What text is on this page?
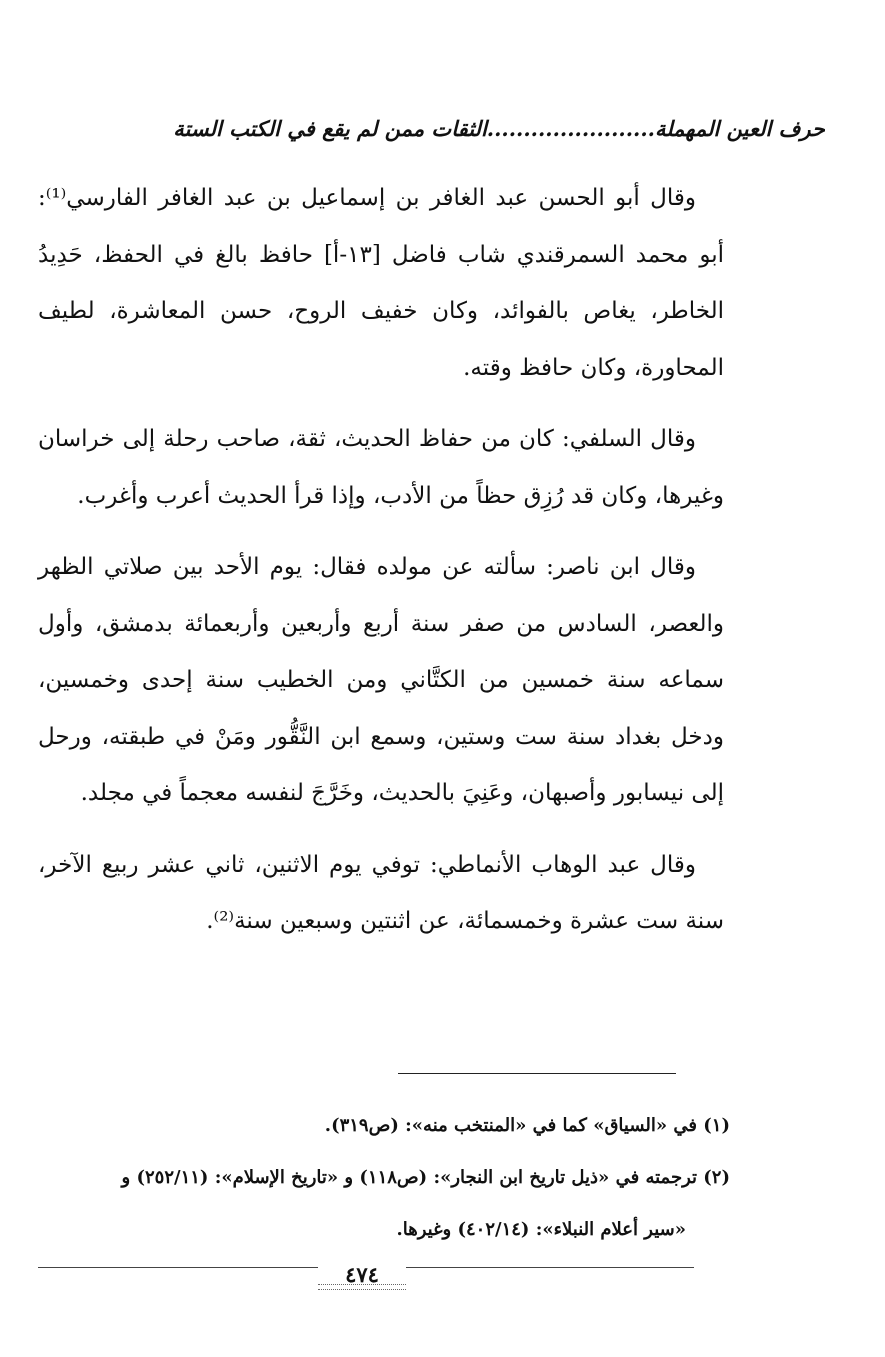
حرف العين المهملة.......................الثقات ممن لم يقع في الكتب الستة

وقال أبو الحسن عبد الغافر بن إسماعيل بن عبد الغافر الفارسي⁽¹⁾: أبو محمد السمرقندي شاب فاضل [١٣-أ] حافظ بالغ في الحفظ، حَدِيدُ الخاطر، يغاص بالفوائد، وكان خفيف الروح، حسن المعاشرة، لطيف المحاورة، وكان حافظ وقته.

وقال السلفي: كان من حفاظ الحديث، ثقة، صاحب رحلة إلى خراسان وغيرها، وكان قد رُزِق حظاً من الأدب، وإذا قرأ الحديث أعرب وأغرب.

وقال ابن ناصر: سألته عن مولده فقال: يوم الأحد بين صلاتي الظهر والعصر، السادس من صفر سنة أربع وأربعين وأربعمائة بدمشق، وأول سماعه سنة خمسين من الكتَّاني ومن الخطيب سنة إحدى وخمسين، ودخل بغداد سنة ست وستين، وسمع ابن النَّقُّور ومَنْ في طبقته، ورحل إلى نيسابور وأصبهان، وعَنِيَ بالحديث، وخَرَّجَ لنفسه معجماً في مجلد.

وقال عبد الوهاب الأنماطي: توفي يوم الاثنين، ثاني عشر ربيع الآخر، سنة ست عشرة وخمسمائة، عن اثنتين وسبعين سنة⁽²⁾.

(١) في «السياق» كما في «المنتخب منه»: (ص٣١٩).

(٢) ترجمته في «ذيل تاريخ ابن النجار»: (ص١١٨) و «تاريخ الإسلام»: (٢٥٢/١١) و

«سير أعلام النبلاء»: (٤٠٢/١٤) وغيرها.

٤٧٤
